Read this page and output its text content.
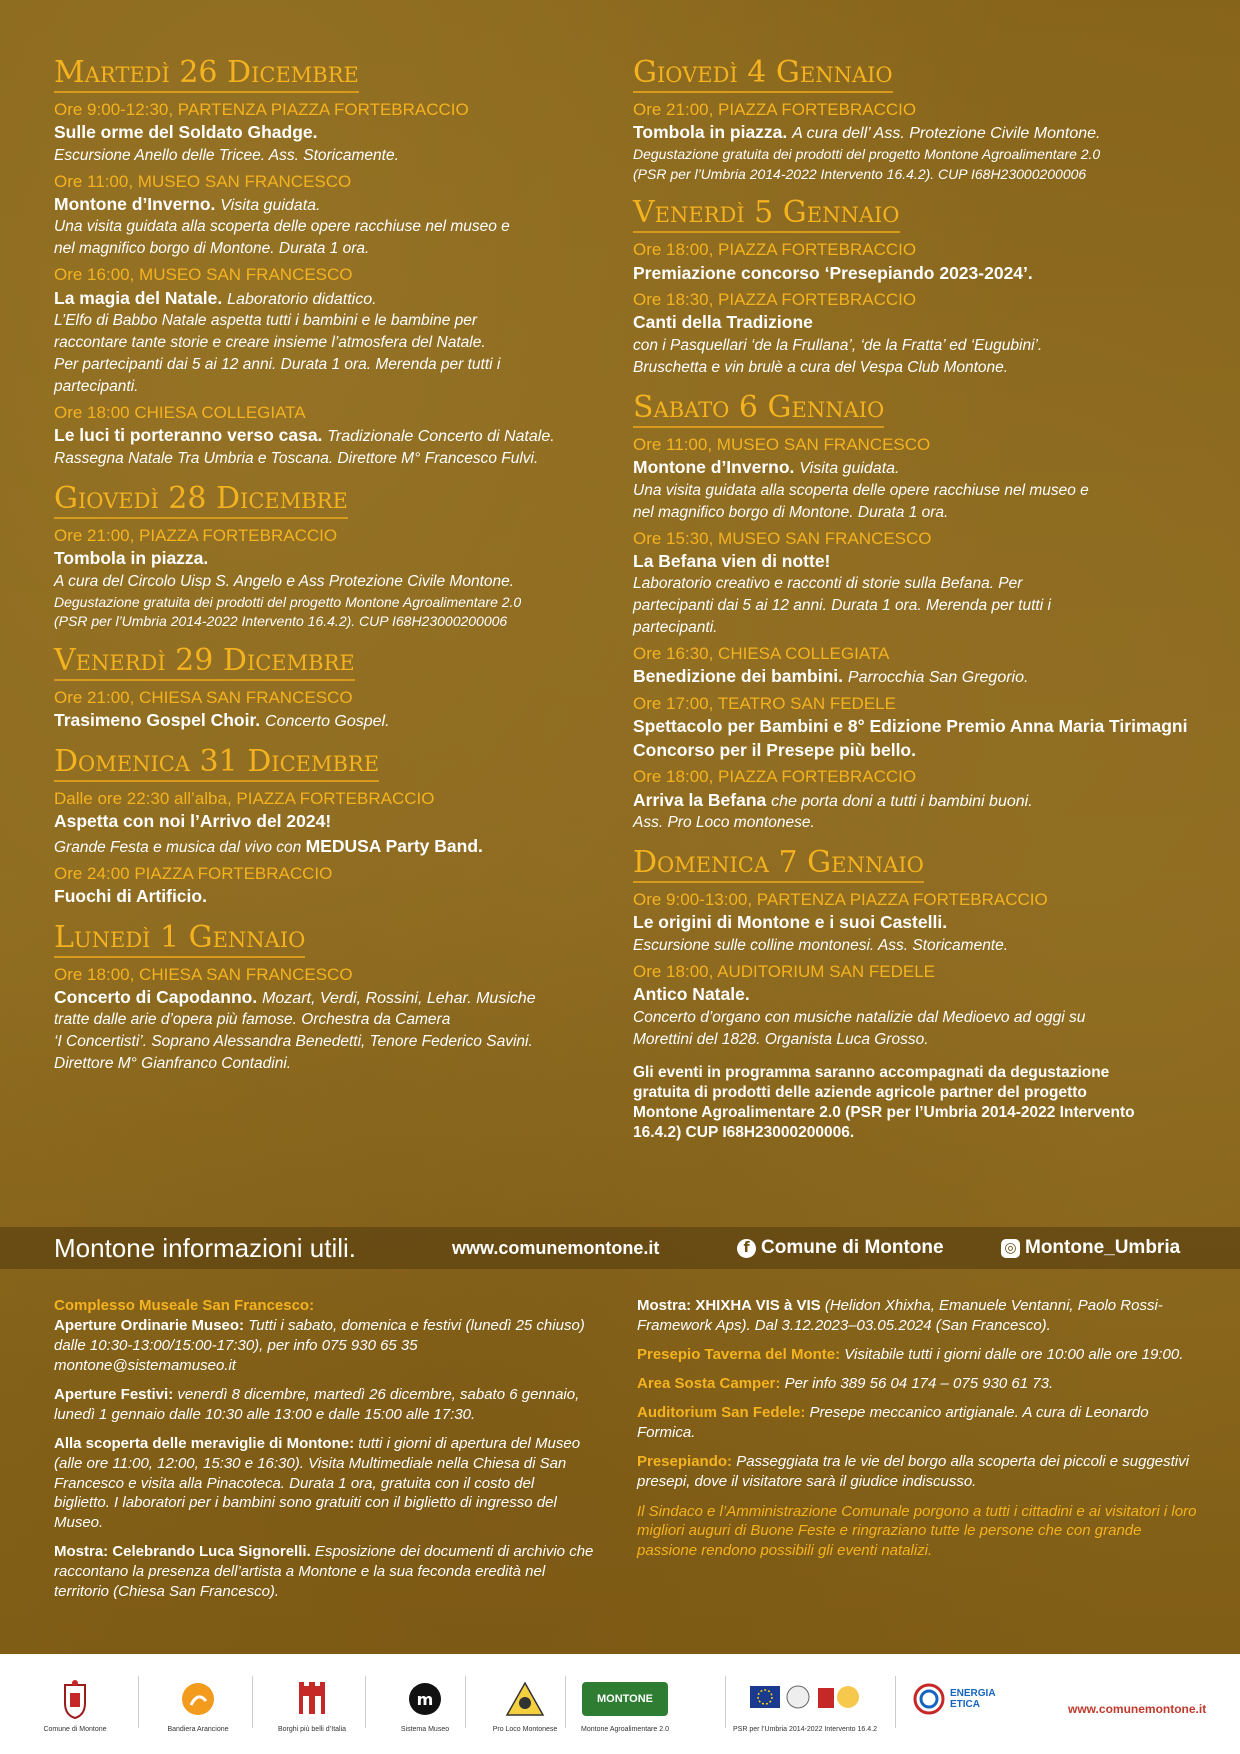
Martedì 26 Dicembre
Ore 9:00-12:30, PARTENZA PIAZZA FORTEBRACCIO
Sulle orme del Soldato Ghadge.
Escursione Anello delle Tricee. Ass. Storicamente.
Ore 11:00, MUSEO SAN FRANCESCO
Montone d’Inverno. Visita guidata.
Una visita guidata alla scoperta delle opere racchiuse nel museo e
nel magnifico borgo di Montone. Durata 1 ora.
Ore 16:00, MUSEO SAN FRANCESCO
La magia del Natale. Laboratorio didattico.
L’Elfo di Babbo Natale aspetta tutti i bambini e le bambine per
raccontare tante storie e creare insieme l’atmosfera del Natale.
Per partecipanti dai 5 ai 12 anni. Durata 1 ora. Merenda per tutti i
partecipanti.
Ore 18:00 CHIESA COLLEGIATA
Le luci ti porteranno verso casa. Tradizionale Concerto di Natale.
Rassegna Natale Tra Umbria e Toscana. Direttore M° Francesco Fulvi.
Giovedì 28 Dicembre
Ore 21:00, PIAZZA FORTEBRACCIO
Tombola in piazza.
A cura del Circolo Uisp S. Angelo e Ass Protezione Civile Montone.
Degustazione gratuita dei prodotti del progetto Montone Agroalimentare 2.0
(PSR per l’Umbria 2014-2022 Intervento 16.4.2). CUP I68H23000200006
Venerdì 29 Dicembre
Ore 21:00, CHIESA SAN FRANCESCO
Trasimeno Gospel Choir. Concerto Gospel.
Domenica 31 Dicembre
Dalle ore 22:30 all’alba, PIAZZA FORTEBRACCIO
Aspetta con noi l’Arrivo del 2024!
Grande Festa e musica dal vivo con MEDUSA Party Band.
Ore 24:00 PIAZZA FORTEBRACCIO
Fuochi di Artificio.
Lunedì 1 Gennaio
Ore 18:00, CHIESA SAN FRANCESCO
Concerto di Capodanno. Mozart, Verdi, Rossini, Lehar. Musiche
tratte dalle arie d’opera più famose. Orchestra da Camera
‘I Concertisti’. Soprano Alessandra Benedetti, Tenore Federico Savini.
Direttore M° Gianfranco Contadini.
Giovedì 4 Gennaio
Ore 21:00, PIAZZA FORTEBRACCIO
Tombola in piazza. A cura dell’ Ass. Protezione Civile Montone.
Degustazione gratuita dei prodotti del progetto Montone Agroalimentare 2.0
(PSR per l’Umbria 2014-2022 Intervento 16.4.2). CUP I68H23000200006
Venerdì 5 Gennaio
Ore 18:00, PIAZZA FORTEBRACCIO
Premiazione concorso ‘Presepiando 2023-2024’.
Ore 18:30, PIAZZA FORTEBRACCIO
Canti della Tradizione
con i Pasquellari ‘de la Frullana’, ‘de la Fratta’ ed ‘Eugubini’.
Bruschetta e vin brulè a cura del Vespa Club Montone.
Sabato 6 Gennaio
Ore 11:00, MUSEO SAN FRANCESCO
Montone d’Inverno. Visita guidata.
Una visita guidata alla scoperta delle opere racchiuse nel museo e
nel magnifico borgo di Montone. Durata 1 ora.
Ore 15:30, MUSEO SAN FRANCESCO
La Befana vien di notte!
Laboratorio creativo e racconti di storie sulla Befana. Per
partecipanti dai 5 ai 12 anni. Durata 1 ora. Merenda per tutti i
partecipanti.
Ore 16:30, CHIESA COLLEGIATA
Benedizione dei bambini. Parrocchia San Gregorio.
Ore 17:00, TEATRO SAN FEDELE
Spettacolo per Bambini e 8° Edizione Premio Anna Maria Tirimagni Concorso per il Presepe più bello.
Ore 18:00, PIAZZA FORTEBRACCIO
Arriva la Befana che porta doni a tutti i bambini buoni.
Ass. Pro Loco montonese.
Domenica 7 Gennaio
Ore 9:00-13:00, PARTENZA PIAZZA FORTEBRACCIO
Le origini di Montone e i suoi Castelli.
Escursione sulle colline montonesi. Ass. Storicamente.
Ore 18:00, AUDITORIUM SAN FEDELE
Antico Natale.
Concerto d’organo con musiche natalizie dal Medioevo ad oggi su
Morettini del 1828. Organista Luca Grosso.
Gli eventi in programma saranno accompagnati da degustazione
gratuita di prodotti delle aziende agricole partner del progetto
Montone Agroalimentare 2.0 (PSR per l’Umbria 2014-2022 Intervento
16.4.2) CUP I68H23000200006.
Montone informazioni utili.	www.comunemontone.it	f Comune di Montone	◎ Montone_Umbria
Complesso Museale San Francesco:
Aperture Ordinarie Museo: Tutti i sabato, domenica e festivi (lunedì 25 chiuso) dalle 10:30-13:00/15:00-17:30), per info 075 930 65 35
montone@sistemamuseo.it
Aperture Festivi: venerdì 8 dicembre, martedì 26 dicembre, sabato 6 gennaio, lunedì 1 gennaio dalle 10:30 alle 13:00 e dalle 15:00 alle 17:30.
Alla scoperta delle meraviglie di Montone: tutti i giorni di apertura del Museo (alle ore 11:00, 12:00, 15:30 e 16:30). Visita Multimediale nella Chiesa di San Francesco e visita alla Pinacoteca. Durata 1 ora, gratuita con il costo del biglietto. I laboratori per i bambini sono gratuiti con il biglietto di ingresso del Museo.
Mostra: Celebrando Luca Signorelli. Esposizione dei documenti di archivio che raccontano la presenza dell’artista a Montone e la sua feconda eredità nel territorio (Chiesa San Francesco).
Mostra: XHIXHA VIS à VIS (Helidon Xhixha, Emanuele Ventanni, Paolo Rossi-Framework Aps). Dal 3.12.2023–03.05.2024 (San Francesco).
Presepio Taverna del Monte: Visitabile tutti i giorni dalle ore 10:00 alle ore 19:00.
Area Sosta Camper: Per info 389 56 04 174 – 075 930 61 73.
Auditorium San Fedele: Presepe meccanico artigianale. A cura di Leonardo Formica.
Presepiando: Passeggiata tra le vie del borgo alla scoperta dei piccoli e suggestivi presepi, dove il visitatore sarà il giudice indiscusso.
Il Sindaco e l’Amministrazione Comunale porgono a tutti i cittadini e ai visitatori i loro migliori auguri di Buone Feste e ringraziano tutte le persone che con grande passione rendono possibili gli eventi natalizi.
www.comunemontone.it
Comune di Montone	Bandiera Arancione	Borghi più belli d’Italia
m
Sistema Museo	Pro Loco Montonese
MONTONE
Montone Agroalimentare 2.0	PSR per l’Umbria 2014-2022 Intervento 16.4.2
ENERGIA ETICA
